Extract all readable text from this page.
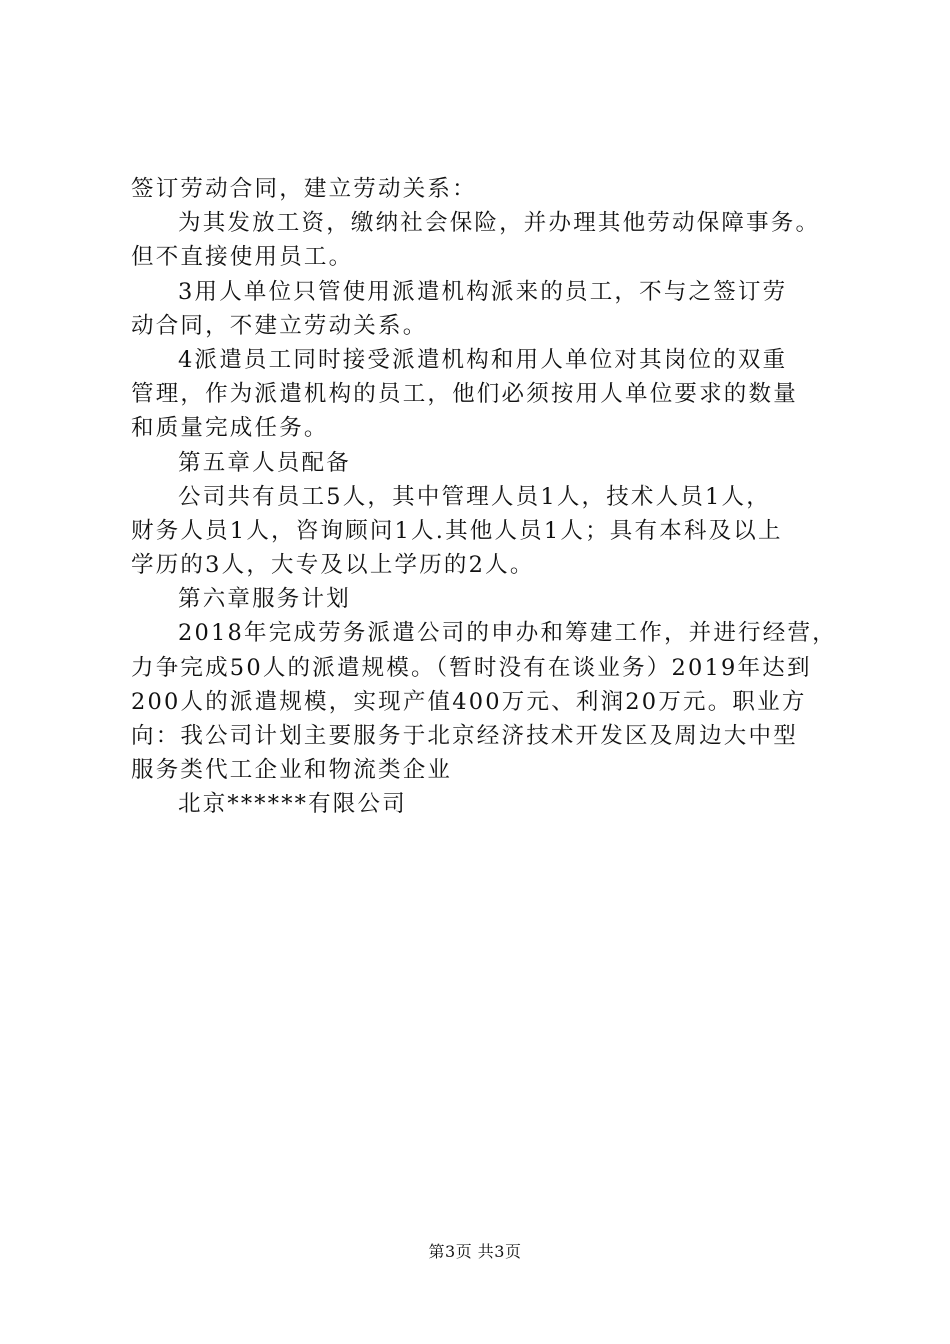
签订劳动合同，建立劳动关系：
为其发放工资，缴纳社会保险，并办理其他劳动保障事务。
但不直接使用员工。
3用人单位只管使用派遣机构派来的员工，不与之签订劳
动合同，不建立劳动关系。
4派遣员工同时接受派遣机构和用人单位对其岗位的双重
管理，作为派遣机构的员工，他们必须按用人单位要求的数量
和质量完成任务。
第五章人员配备
公司共有员工5人，其中管理人员1人，技术人员1人，
财务人员1人，咨询顾问1人.其他人员1人；具有本科及以上
学历的3人，大专及以上学历的2人。
第六章服务计划
2018年完成劳务派遣公司的申办和筹建工作，并进行经营，
力争完成50人的派遣规模。（暂时没有在谈业务）2019年达到
200人的派遣规模，实现产值400万元、利润20万元。职业方
向：我公司计划主要服务于北京经济技术开发区及周边大中型
服务类代工企业和物流类企业
北京******有限公司
第3页 共3页
